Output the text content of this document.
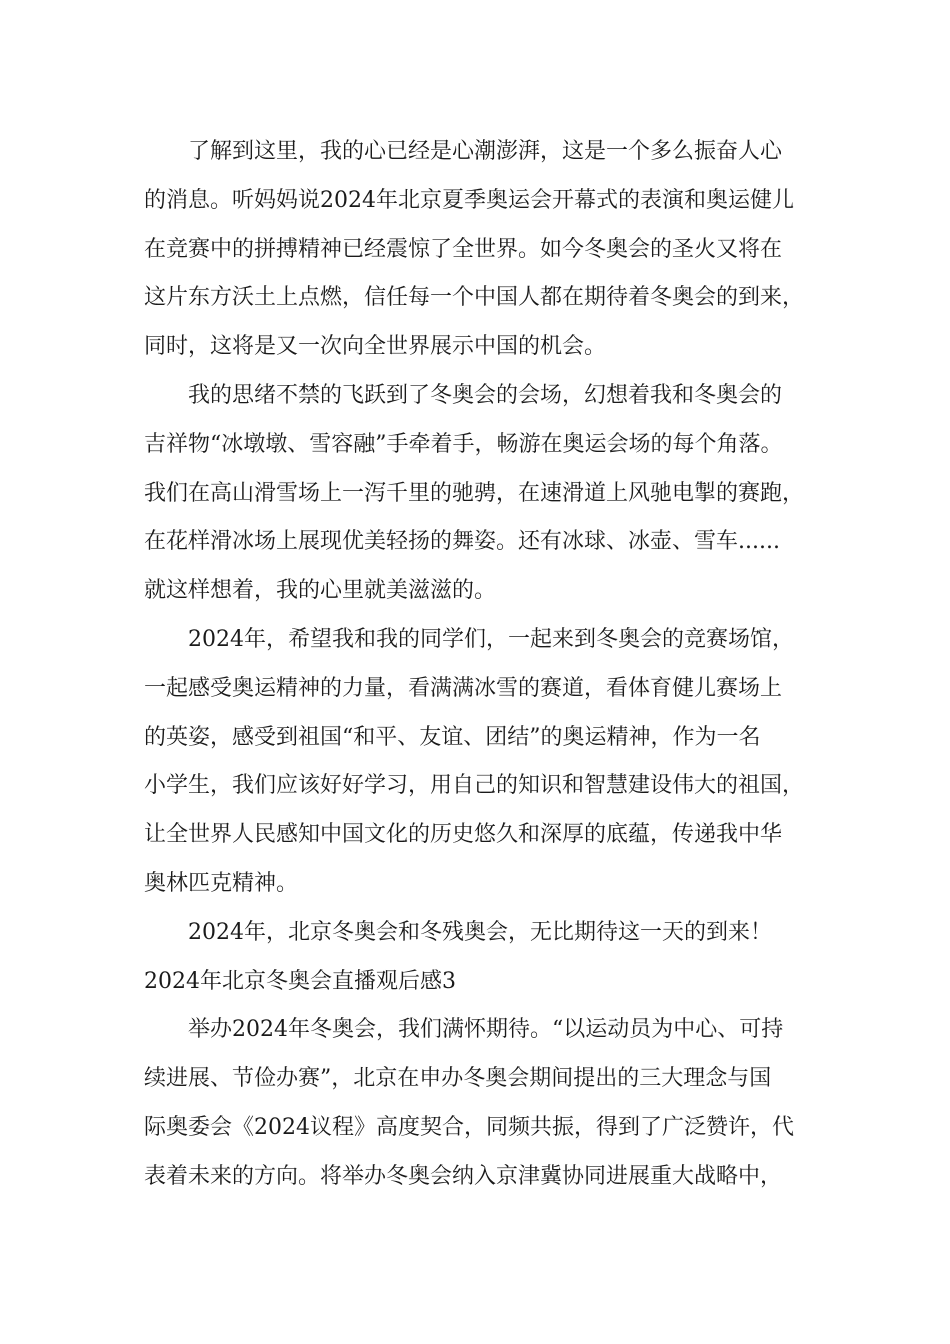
了解到这里，我的心已经是心潮澎湃，这是一个多么振奋人心
的消息。听妈妈说2024年北京夏季奥运会开幕式的表演和奥运健儿
在竞赛中的拼搏精神已经震惊了全世界。如今冬奥会的圣火又将在
这片东方沃土上点燃，信任每一个中国人都在期待着冬奥会的到来，
同时，这将是又一次向全世界展示中国的机会。
我的思绪不禁的飞跃到了冬奥会的会场，幻想着我和冬奥会的
吉祥物“冰墩墩、雪容融”手牵着手，畅游在奥运会场的每个角落。
我们在高山滑雪场上一泻千里的驰骋，在速滑道上风驰电掣的赛跑，
在花样滑冰场上展现优美轻扬的舞姿。还有冰球、冰壶、雪车......
就这样想着，我的心里就美滋滋的。
2024年，希望我和我的同学们，一起来到冬奥会的竞赛场馆，
一起感受奥运精神的力量，看满满冰雪的赛道，看体育健儿赛场上
的英姿，感受到祖国“和平、友谊、团结”的奥运精神，作为一名
小学生，我们应该好好学习，用自己的知识和智慧建设伟大的祖国，
让全世界人民感知中国文化的历史悠久和深厚的底蕴，传递我中华
奥林匹克精神。
2024年，北京冬奥会和冬残奥会，无比期待这一天的到来！
2024年北京冬奥会直播观后感3
举办2024年冬奥会，我们满怀期待。“以运动员为中心、可持
续进展、节俭办赛”，北京在申办冬奥会期间提出的三大理念与国
际奥委会《2024议程》高度契合，同频共振，得到了广泛赞许，代
表着未来的方向。将举办冬奥会纳入京津冀协同进展重大战略中，
